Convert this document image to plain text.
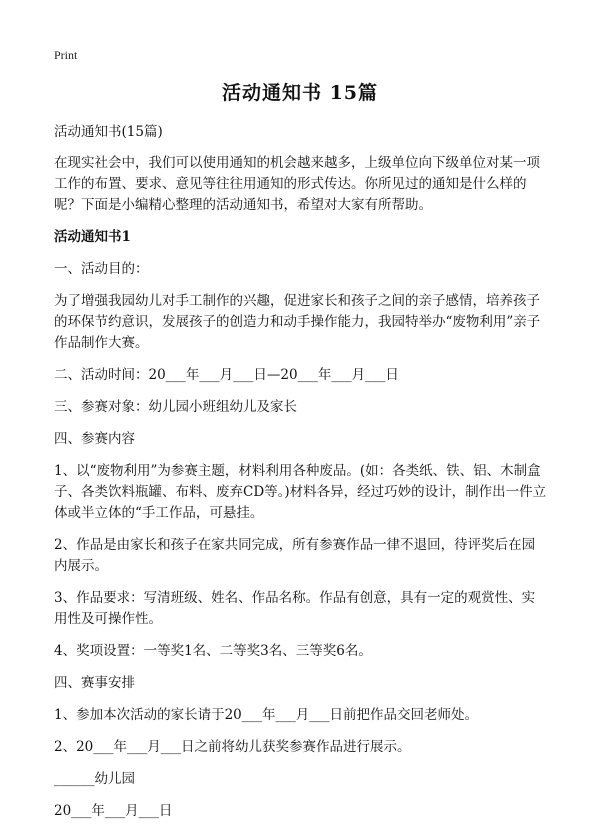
Print
活动通知书 15篇

活动通知书(15篇)

在现实社会中，我们可以使用通知的机会越来越多，上级单位向下级单位对某一项工作的布置、要求、意见等往往用通知的形式传达。你所见过的通知是什么样的呢？下面是小编精心整理的活动通知书，希望对大家有所帮助。

活动通知书1

一、活动目的：

为了增强我园幼儿对手工制作的兴趣，促进家长和孩子之间的亲子感情，培养孩子的环保节约意识，发展孩子的创造力和动手操作能力，我园特举办“废物利用”亲子作品制作大赛。

二、活动时间：20___年___月___日—20___年___月___日

三、参赛对象：幼儿园小班组幼儿及家长

四、参赛内容

1、以“废物利用”为参赛主题，材料利用各种废品。(如：各类纸、铁、铝、木制盒子、各类饮料瓶罐、布料、废弃CD等。)材料各异，经过巧妙的设计，制作出一件立体或半立体的“手工作品，可悬挂。

2、作品是由家长和孩子在家共同完成，所有参赛作品一律不退回，待评奖后在园内展示。

3、作品要求：写清班级、姓名、作品名称。作品有创意，具有一定的观赏性、实用性及可操作性。

4、奖项设置：一等奖1名、二等奖3名、三等奖6名。

四、赛事安排

1、参加本次活动的家长请于20___年___月___日前把作品交回老师处。

2、20___年___月___日之前将幼儿获奖参赛作品进行展示。

______幼儿园

20___年___月___日
